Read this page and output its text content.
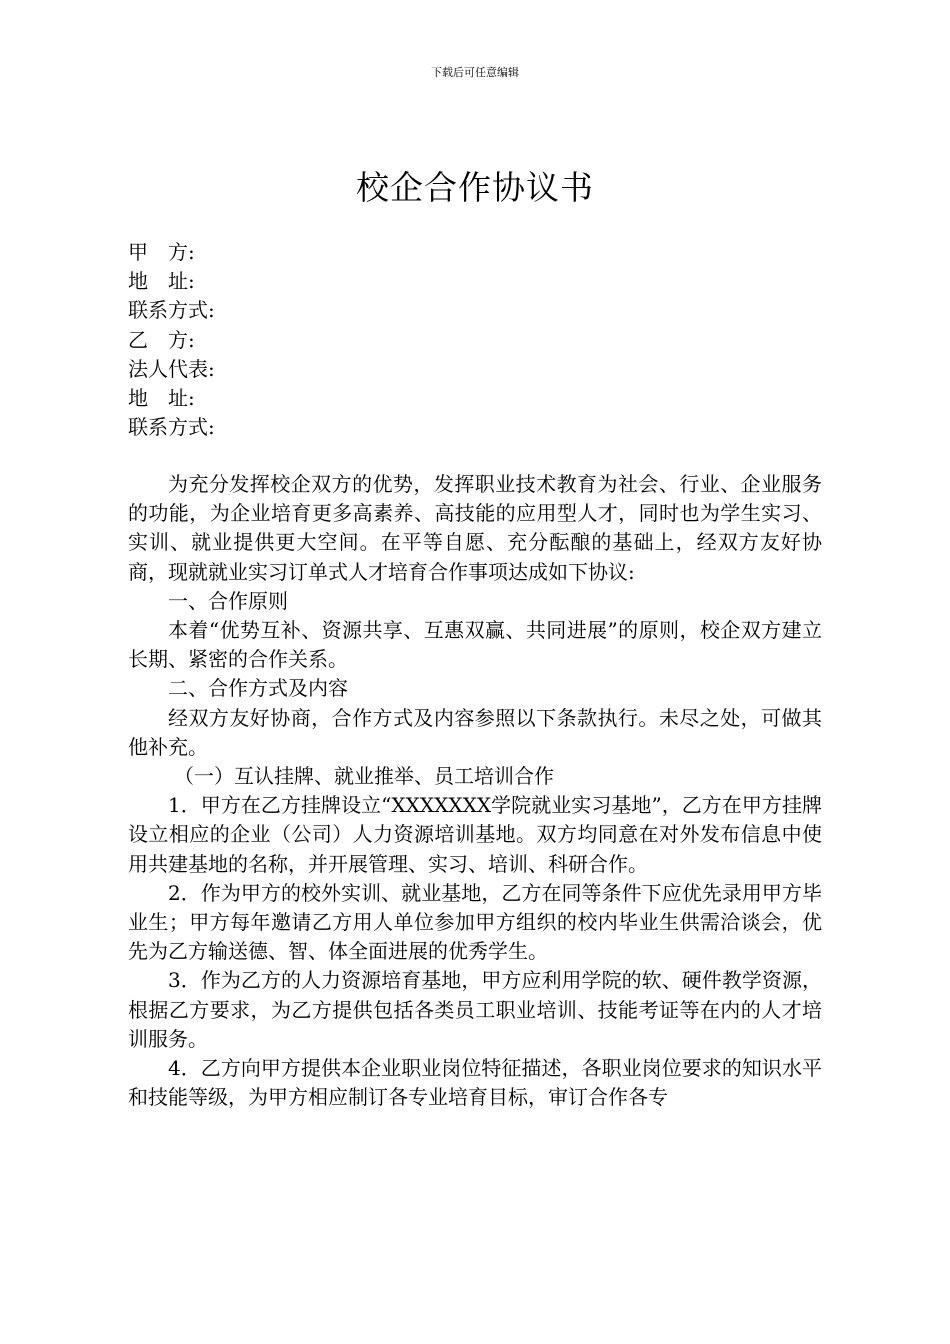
下载后可任意编辑
校企合作协议书
甲　方:
地　址:
联系方式:
乙　方:
法人代表:
地　址:
联系方式:

为充分发挥校企双方的优势，发挥职业技术教育为社会、行业、企业服务的功能，为企业培育更多高素养、高技能的应用型人才，同时也为学生实习、实训、就业提供更大空间。在平等自愿、充分酝酿的基础上，经双方友好协商，现就就业实习订单式人才培育合作事项达成如下协议:

一、合作原则

本着“优势互补、资源共享、互惠双赢、共同进展”的原则，校企双方建立长期、紧密的合作关系。

二、合作方式及内容

经双方友好协商，合作方式及内容参照以下条款执行。未尽之处，可做其他补充。

（一）互认挂牌、就业推举、员工培训合作

1．甲方在乙方挂牌设立“XXXXXXX学院就业实习基地”，乙方在甲方挂牌设立相应的企业（公司）人力资源培训基地。双方均同意在对外发布信息中使用共建基地的名称，并开展管理、实习、培训、科研合作。

2．作为甲方的校外实训、就业基地，乙方在同等条件下应优先录用甲方毕业生；甲方每年邀请乙方用人单位参加甲方组织的校内毕业生供需洽谈会，优先为乙方输送德、智、体全面进展的优秀学生。

3．作为乙方的人力资源培育基地，甲方应利用学院的软、硬件教学资源，根据乙方要求，为乙方提供包括各类员工职业培训、技能考证等在内的人才培训服务。

4．乙方向甲方提供本企业职业岗位特征描述，各职业岗位要求的知识水平和技能等级，为甲方相应制订各专业培育目标，审订合作各专
